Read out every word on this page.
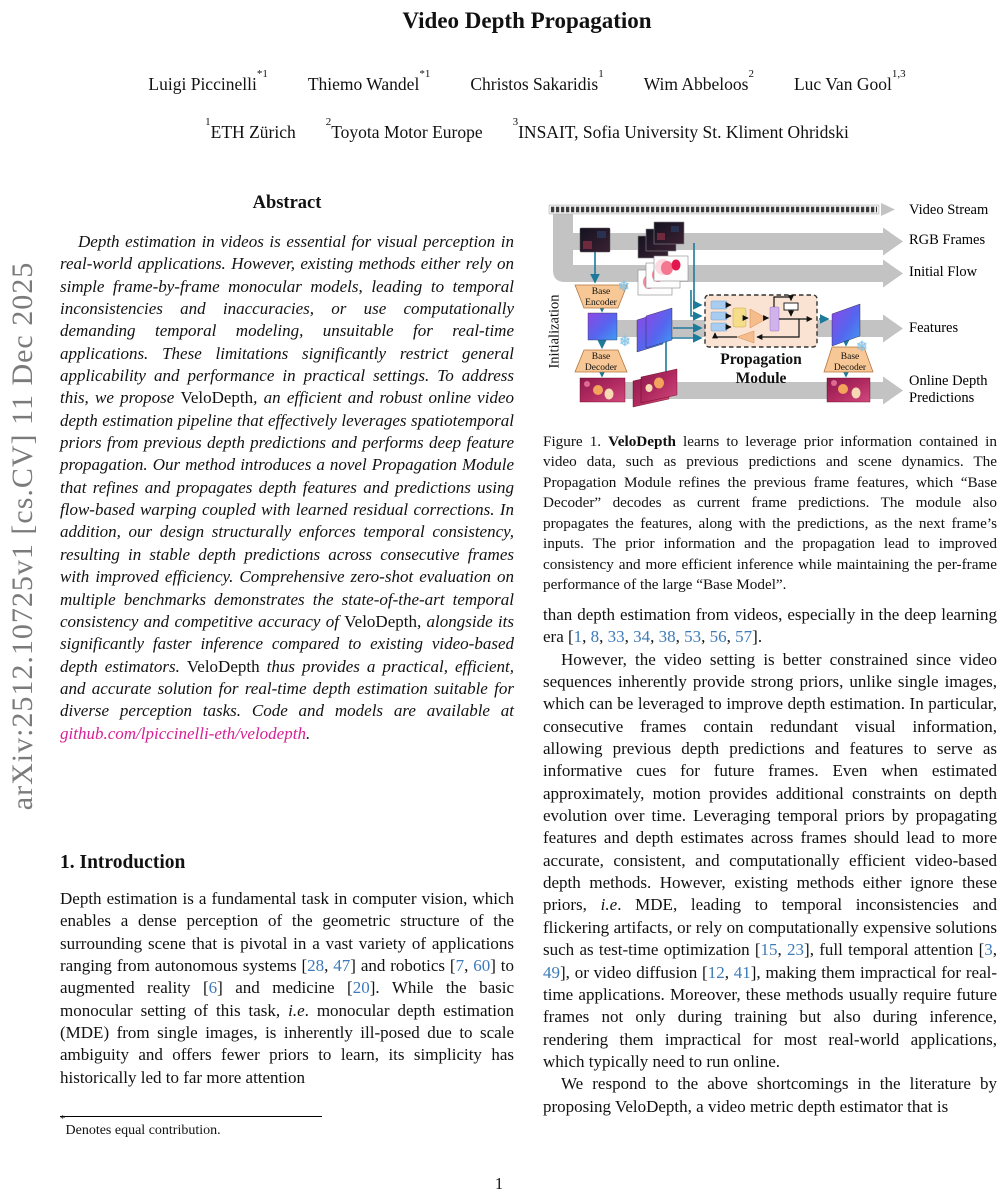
arXiv:2512.10725v1 [cs.CV] 11 Dec 2025
Video Depth Propagation
Luigi Piccinelli$^{*1}$ Thiemo Wandel$^{*1}$ Christos Sakaridis$^1$ Wim Abbeloos$^2$ Luc Van Gool$^{1,3}$
$^1$ETH Zürich	$^2$Toyota Motor Europe	$^3$INSAIT, Sofia University St. Kliment Ohridski
Abstract

Depth estimation in videos is essential for visual perception in real-world applications. However, existing methods either rely on simple frame-by-frame monocular models, leading to temporal inconsistencies and inaccuracies, or use computationally demanding temporal modeling, unsuitable for real-time applications. These limitations significantly restrict general applicability and performance in practical settings. To address this, we propose VeloDepth, an efficient and robust online video depth estimation pipeline that effectively leverages spatiotemporal priors from previous depth predictions and performs deep feature propagation. Our method introduces a novel Propagation Module that refines and propagates depth features and predictions using flow-based warping coupled with learned residual corrections. In addition, our design structurally enforces temporal consistency, resulting in stable depth predictions across consecutive frames with improved efficiency. Comprehensive zero-shot evaluation on multiple benchmarks demonstrates the state-of-the-art temporal consistency and competitive accuracy of VeloDepth, alongside its significantly faster inference compared to existing video-based depth estimators. VeloDepth thus provides a practical, efficient, and accurate solution for real-time depth estimation suitable for diverse perception tasks. Code and models are available at github.com/lpiccinelli-eth/velodepth.

1. Introduction

Depth estimation is a fundamental task in computer vision, which enables a dense perception of the geometric structure of the surrounding scene that is pivotal in a vast variety of applications ranging from autonomous systems [28, 47] and robotics [7, 60] to augmented reality [6] and medicine [20]. While the basic monocular setting of this task, i.e. monocular depth estimation (MDE) from single images, is inherently ill-posed due to scale ambiguity and offers fewer priors to learn, its simplicity has historically led to far more attention

*Denotes equal contribution.

Video Stream
RGB Frames
Initial Flow
Features
Online Depth Predictions
Initialization	Propagation Module
Base Encoder
Base Decoder
Base Decoder
❄
❄	❄

Figure 1. VeloDepth learns to leverage prior information contained in video data, such as previous predictions and scene dynamics. The Propagation Module refines the previous frame features, which “Base Decoder” decodes as current frame predictions. The module also propagates the features, along with the predictions, as the next frame’s inputs. The prior information and the propagation lead to improved consistency and more efficient inference while maintaining the per-frame performance of the large “Base Model”.

than depth estimation from videos, especially in the deep learning era [1, 8, 33, 34, 38, 53, 56, 57].

However, the video setting is better constrained since video sequences inherently provide strong priors, unlike single images, which can be leveraged to improve depth estimation. In particular, consecutive frames contain redundant visual information, allowing previous depth predictions and features to serve as informative cues for future frames. Even when estimated approximately, motion provides additional constraints on depth evolution over time. Leveraging temporal priors by propagating features and depth estimates across frames should lead to more accurate, consistent, and computationally efficient video-based depth methods. However, existing methods either ignore these priors, i.e. MDE, leading to temporal inconsistencies and flickering artifacts, or rely on computationally expensive solutions such as test-time optimization [15, 23], full temporal attention [3, 49], or video diffusion [12, 41], making them impractical for real-time applications. Moreover, these methods usually require future frames not only during training but also during inference, rendering them impractical for most real-world applications, which typically need to run online.

We respond to the above shortcomings in the literature by proposing VeloDepth, a video metric depth estimator that is

1
